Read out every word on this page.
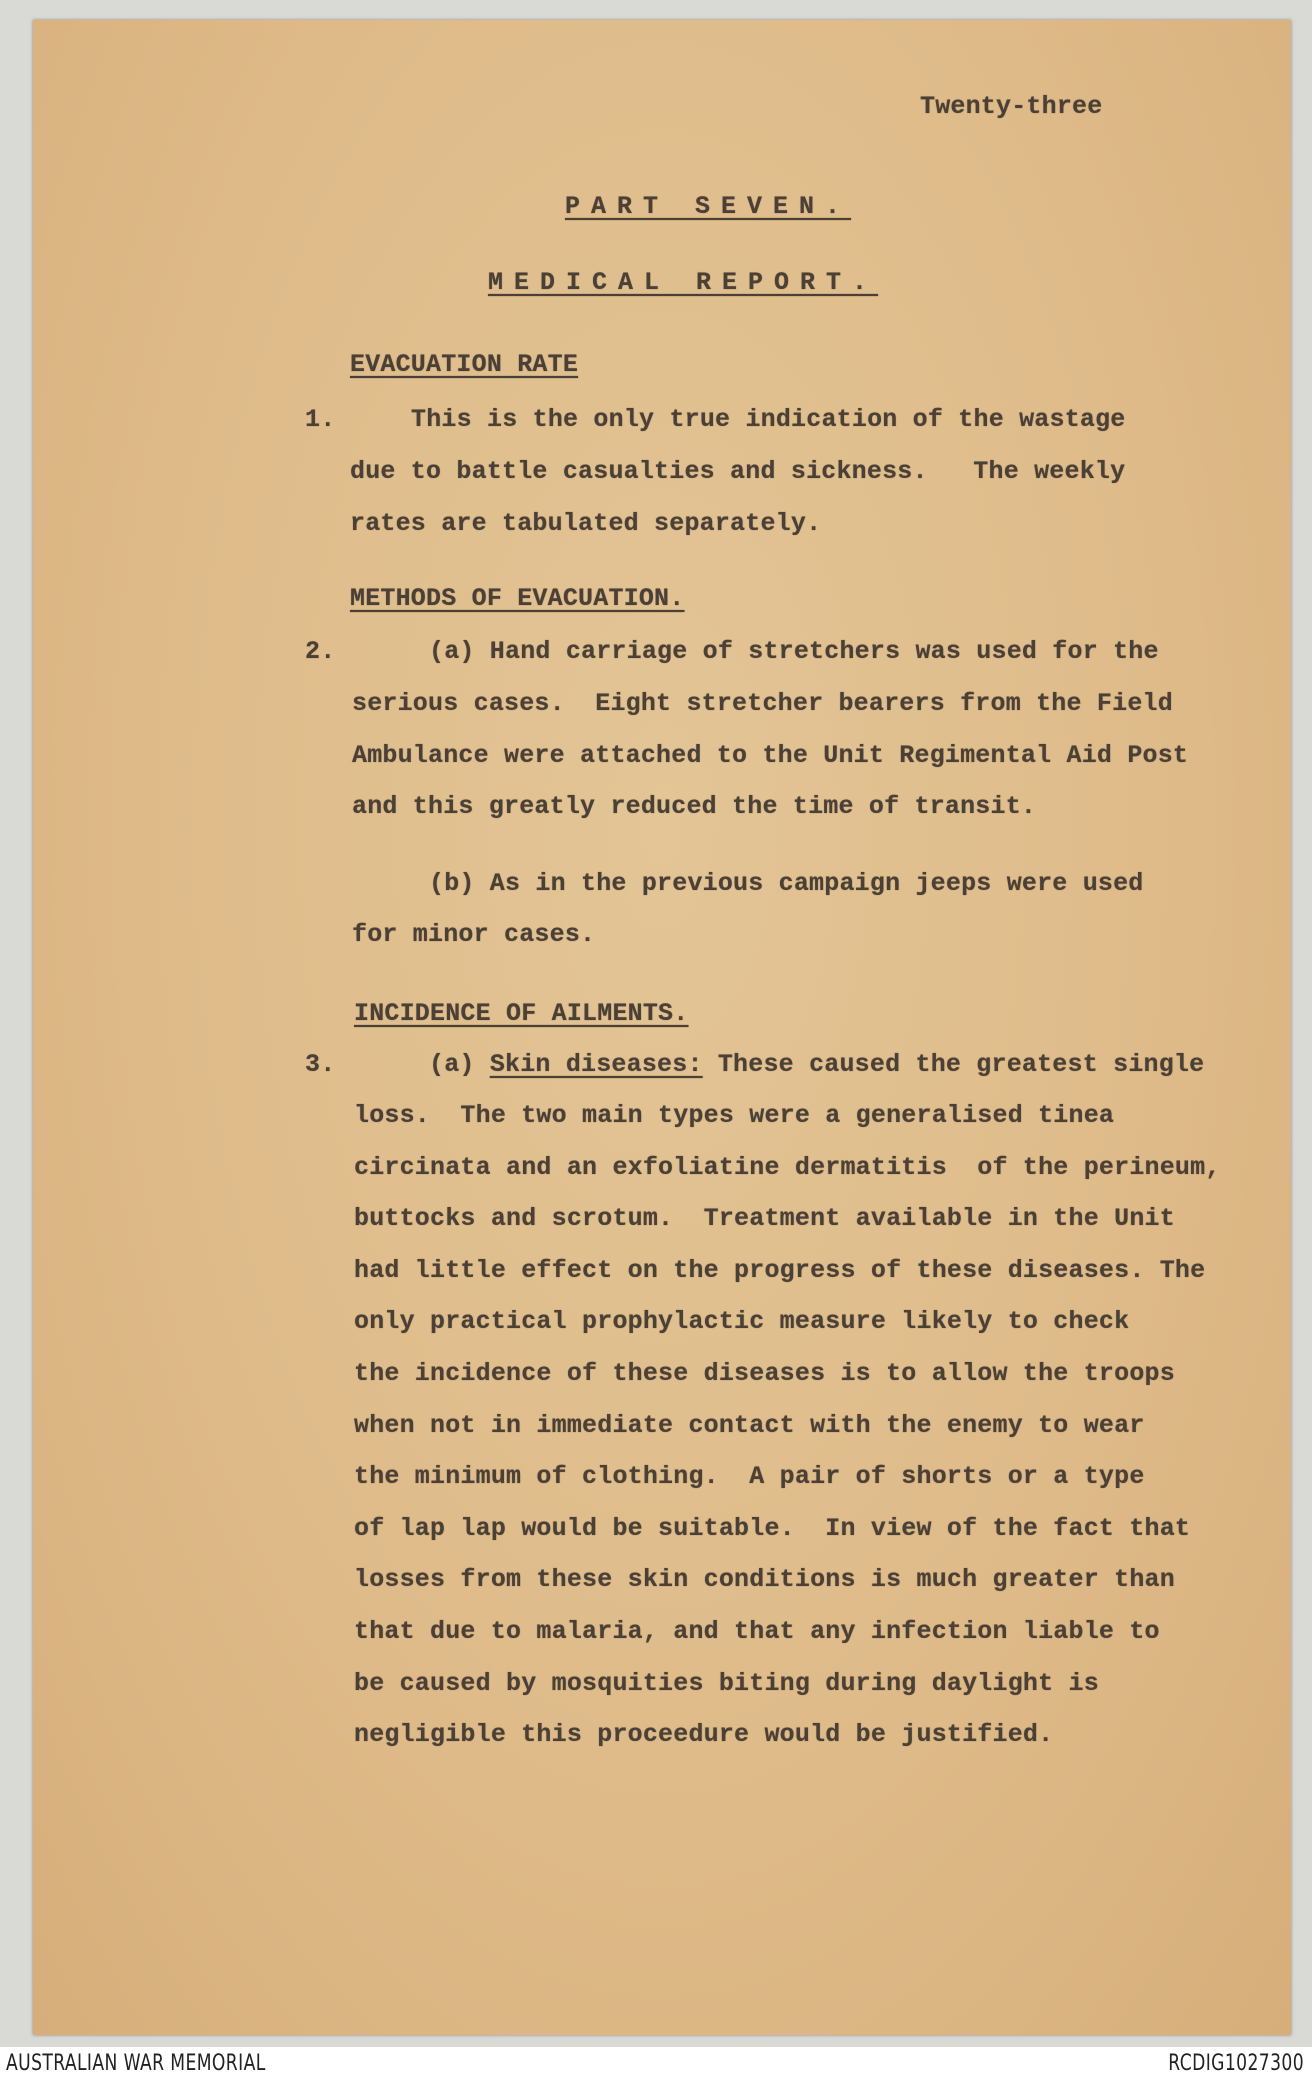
Twenty-three
PART SEVEN.
MEDICAL REPORT.
EVACUATION RATE
1.	This is the only true indication of the wastage
due to battle casualties and sickness.   The weekly
rates are tabulated separately.
METHODS OF EVACUATION.
2.	(a) Hand carriage of stretchers was used for the
serious cases.  Eight stretcher bearers from the Field
Ambulance were attached to the Unit Regimental Aid Post
and this greatly reduced the time of transit.
(b) As in the previous campaign jeeps were used
for minor cases.
INCIDENCE OF AILMENTS.
3.	(a) Skin diseases: These caused the greatest single
loss.  The two main types were a generalised tinea
circinata and an exfoliatine dermatitis  of the perineum,
buttocks and scrotum.  Treatment available in the Unit
had little effect on the progress of these diseases. The
only practical prophylactic measure likely to check
the incidence of these diseases is to allow the troops
when not in immediate contact with the enemy to wear
the minimum of clothing.  A pair of shorts or a type
of lap lap would be suitable.  In view of the fact that
losses from these skin conditions is much greater than
that due to malaria, and that any infection liable to
be caused by mosquities biting during daylight is
negligible this proceedure would be justified.
AUSTRALIAN WAR MEMORIAL	RCDIG1027300
